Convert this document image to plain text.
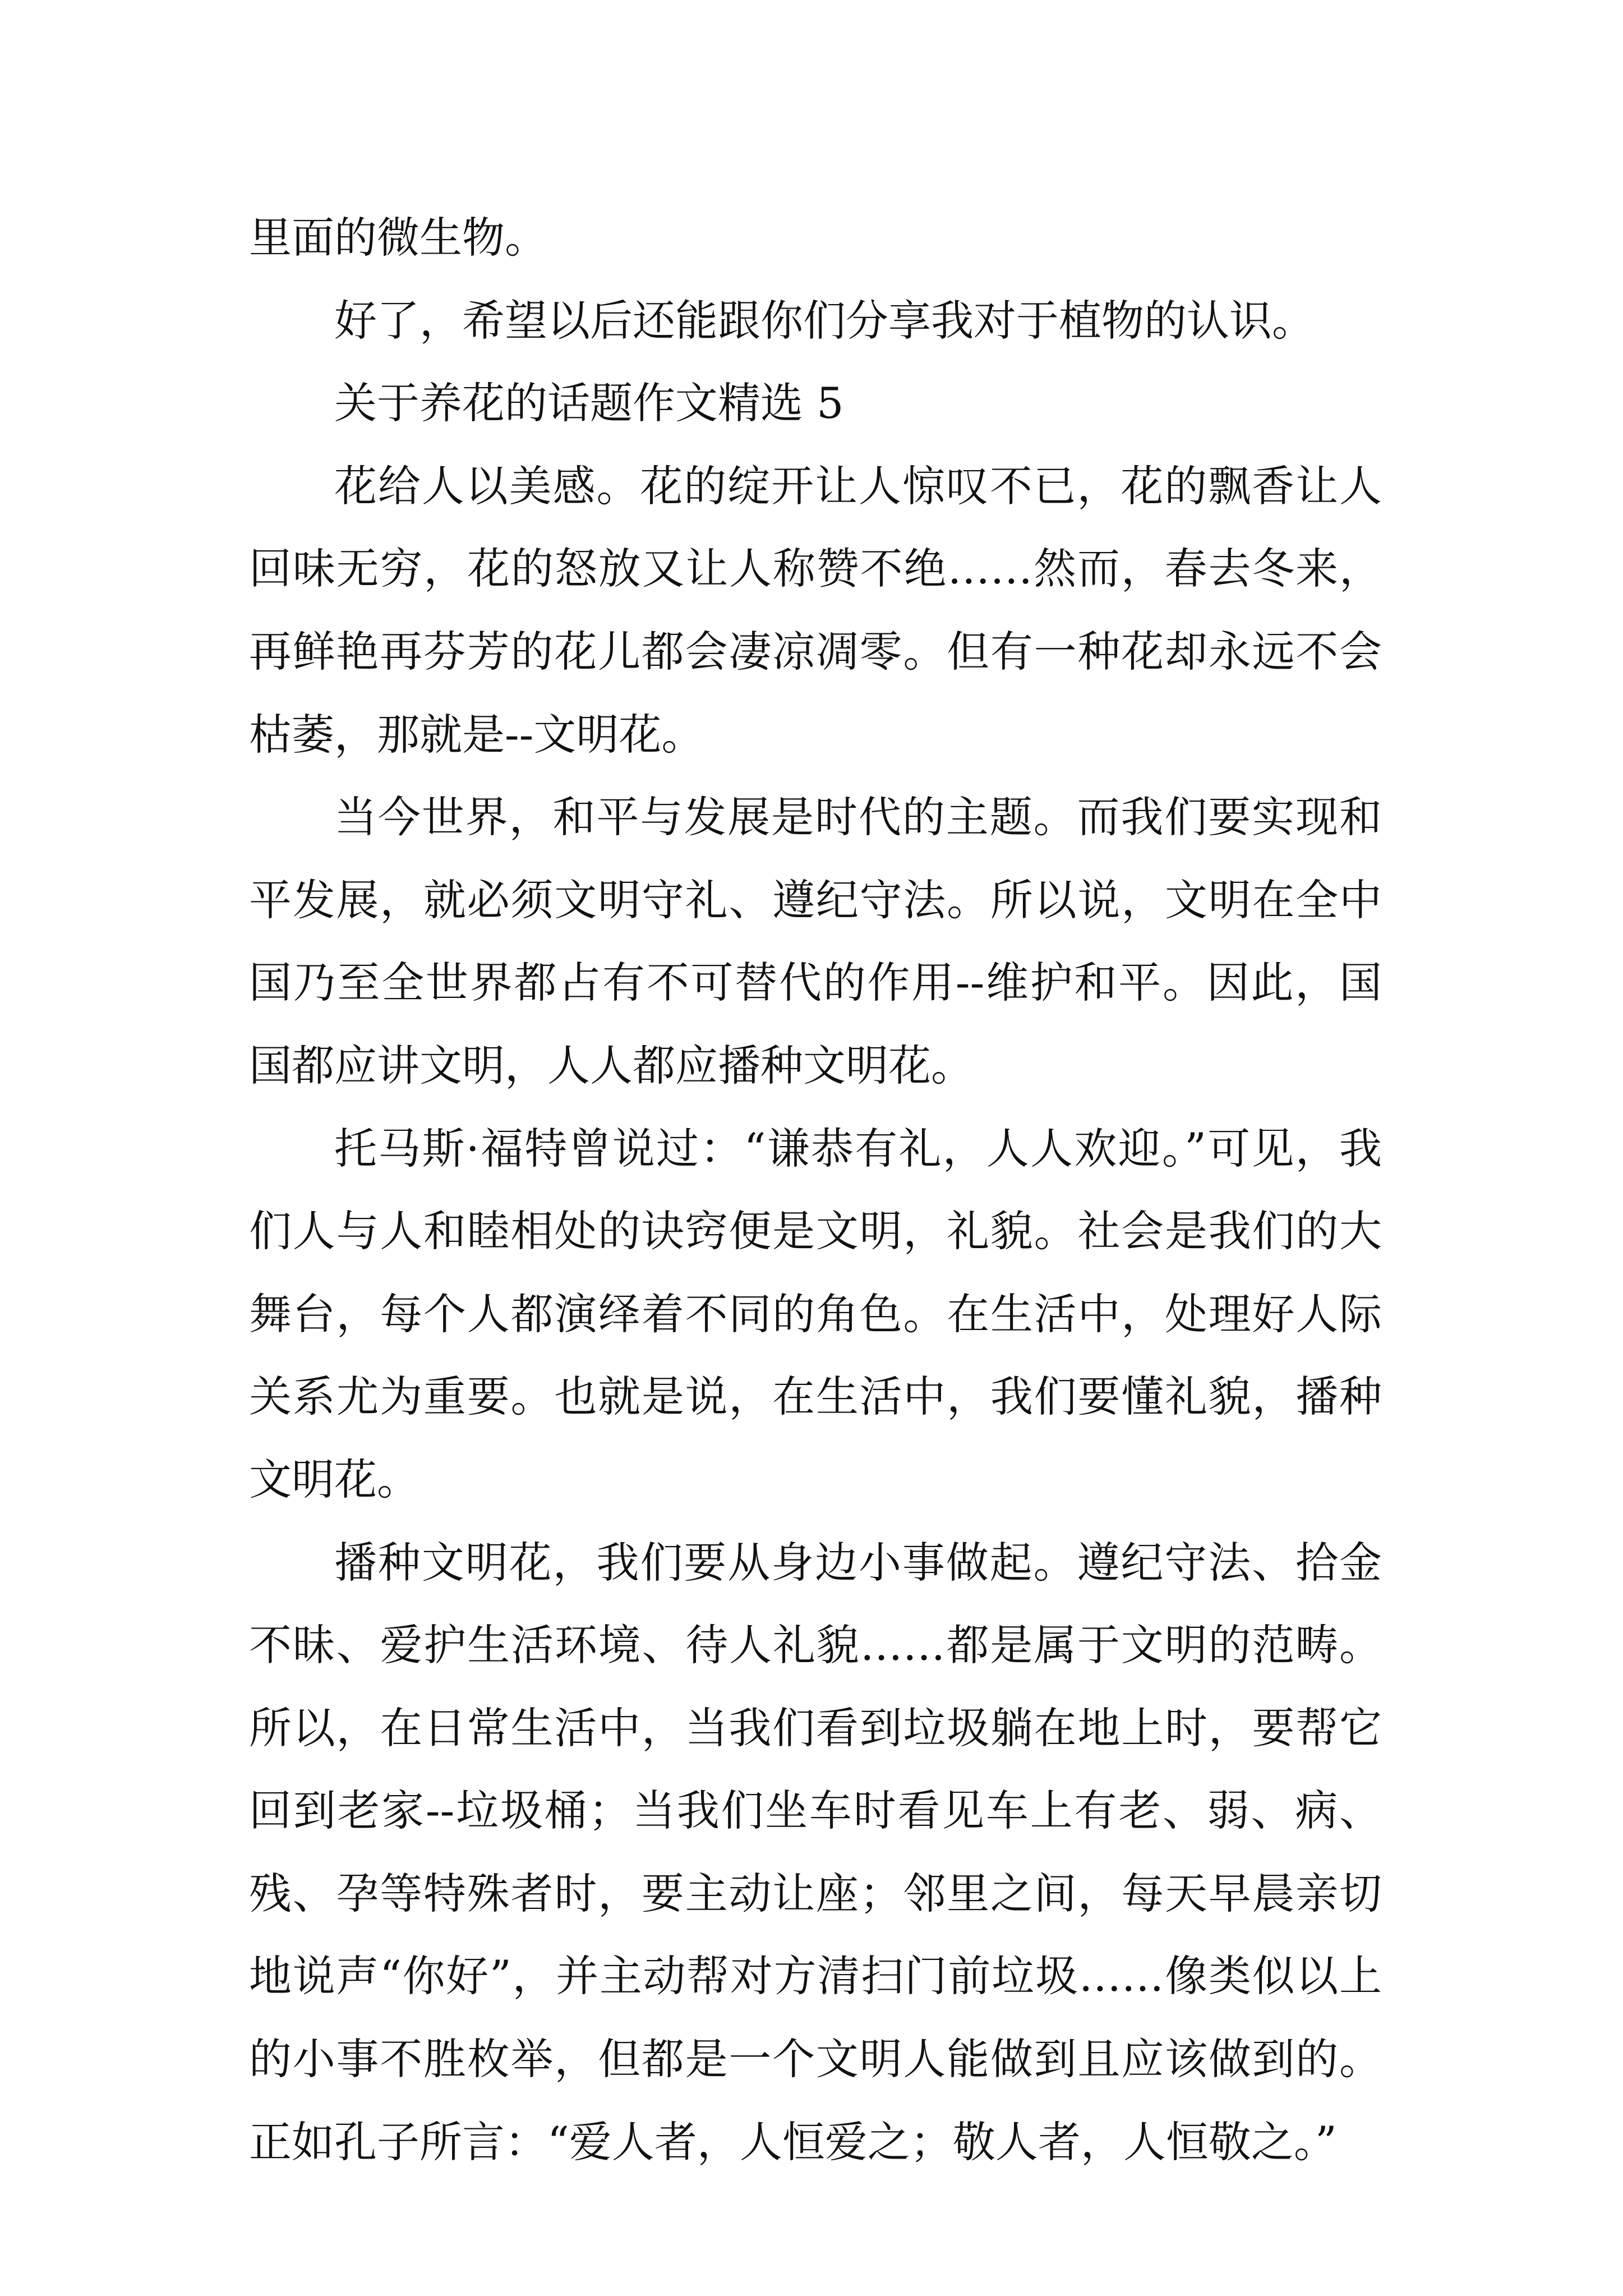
里面的微生物。

好了，希望以后还能跟你们分享我对于植物的认识。

关于养花的话题作文精选 5

花给人以美感。花的绽开让人惊叹不已，花的飘香让人回味无穷，花的怒放又让人称赞不绝……然而，春去冬来，再鲜艳再芬芳的花儿都会凄凉凋零。但有一种花却永远不会枯萎，那就是--文明花。

当今世界，和平与发展是时代的主题。而我们要实现和平发展，就必须文明守礼、遵纪守法。所以说，文明在全中国乃至全世界都占有不可替代的作用--维护和平。因此，国国都应讲文明，人人都应播种文明花。

托马斯·福特曾说过：“谦恭有礼，人人欢迎。”可见，我们人与人和睦相处的诀窍便是文明，礼貌。社会是我们的大舞台，每个人都演绎着不同的角色。在生活中，处理好人际关系尤为重要。也就是说，在生活中，我们要懂礼貌，播种文明花。

播种文明花，我们要从身边小事做起。遵纪守法、拾金不昧、爱护生活环境、待人礼貌……都是属于文明的范畴。所以，在日常生活中，当我们看到垃圾躺在地上时，要帮它回到老家--垃圾桶；当我们坐车时看见车上有老、弱、病、残、孕等特殊者时，要主动让座；邻里之间，每天早晨亲切地说声“你好”，并主动帮对方清扫门前垃圾……像类似以上的小事不胜枚举，但都是一个文明人能做到且应该做到的。正如孔子所言：“爱人者，人恒爱之；敬人者，人恒敬之。”
